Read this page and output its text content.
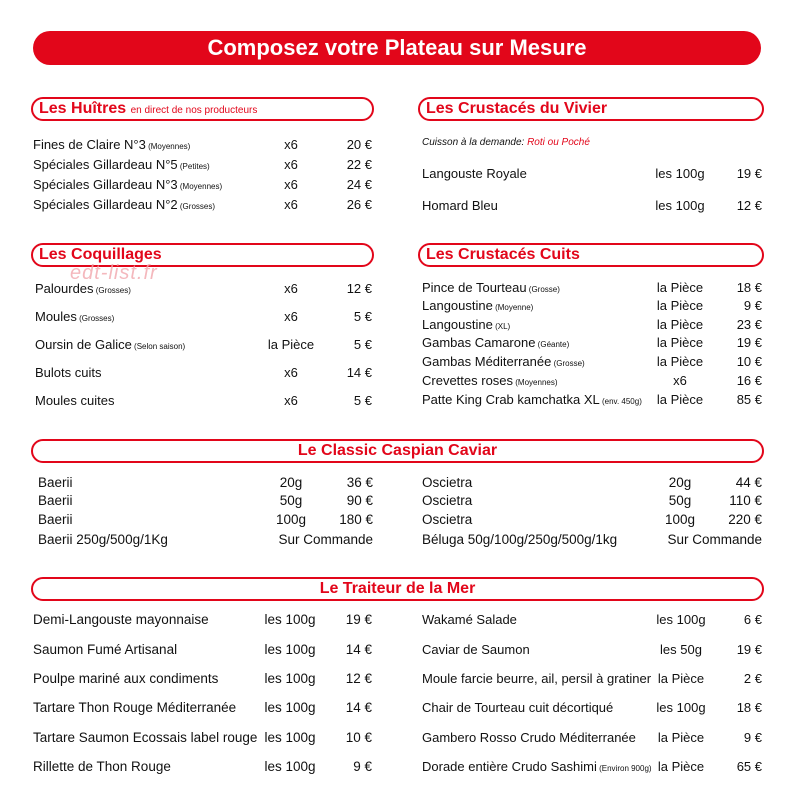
Composez votre Plateau sur Mesure
Les Huîtres en direct de nos producteurs	Les Crustacés du Vivier
Cuisson à la demande: Roti ou Poché
Les Coquillages
edt-list.fr
Les Crustacés Cuits
Le Classic Caspian Caviar
Le Traiteur de la Mer
Fines de Claire N°3 (Moyennes)	x6	20 €
Spéciales Gillardeau N°5 (Petites)	x6	22 €
Spéciales Gillardeau N°3 (Moyennes)	x6	24 €
Spéciales Gillardeau N°2 (Grosses)	x6	26 €
Langouste Royale	les 100g	19 €
Homard Bleu	les 100g	12 €
Palourdes (Grosses)	x6	12 €
Moules (Grosses)	x6	5 €
Oursin de Galice (Selon saison)	la Pièce	5 €
Bulots cuits	x6	14 €
Moules cuites	x6	5 €
Pince de Tourteau (Grosse)	la Pièce	18 €
Langoustine (Moyenne)	la Pièce	9 €
Langoustine (XL)	la Pièce	23 €
Gambas Camarone (Géante)	la Pièce	19 €
Gambas Méditerranée (Grosse)	la Pièce	10 €
Crevettes roses (Moyennes)	x6	16 €
Patte King Crab kamchatka XL (env. 450g)	la Pièce	85 €
Baerii	20g	36 €
Baerii	50g	90 €
Baerii	100g	180 €
Baerii 250g/500g/1Kg	Sur Commande
Oscietra	20g	44 €
Oscietra	50g	110 €
Oscietra	100g	220 €
Béluga 50g/100g/250g/500g/1kg	Sur Commande
Demi-Langouste mayonnaise	les 100g	19 €
Saumon Fumé Artisanal	les 100g	14 €
Poulpe mariné aux condiments	les 100g	12 €
Tartare Thon Rouge Méditerranée les 100g	14 €
Tartare Saumon Ecossais label rouge les 100g	10 €
Rillette de Thon Rouge	les 100g	9 €
Wakamé Salade	les 100g	6 €
Caviar de Saumon	les 50g	19 €
Moule farcie beurre, ail, persil à gratiner la Pièce	2 €
Chair de Tourteau cuit décortiqué	les 100g	18 €
Gambero Rosso Crudo Méditerranée	la Pièce	9 €
Dorade entière Crudo Sashimi (Environ 900g) la Pièce	65 €
